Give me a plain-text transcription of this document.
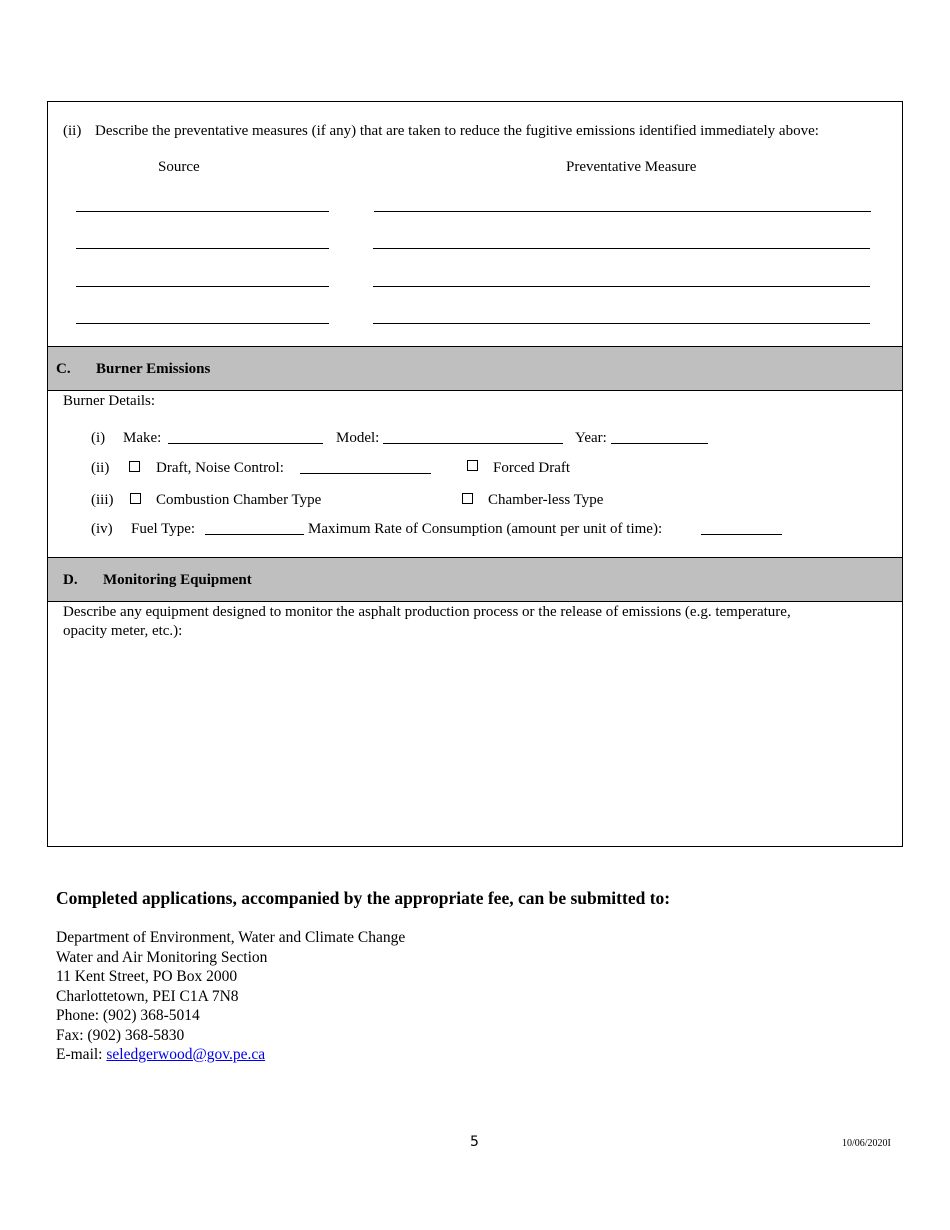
(ii) Describe the preventative measures (if any) that are taken to reduce the fugitive emissions identified immediately above:
Source	Preventative Measure
C. Burner Emissions
Burner Details:
(i) Make:	Model:	Year:
(ii)	Draft, Noise Control:	Forced Draft
(iii)	Combustion Chamber Type	Chamber-less Type
(iv) Fuel Type:	Maximum Rate of Consumption (amount per unit of time):
D. Monitoring Equipment
Describe any equipment designed to monitor the asphalt production process or the release of emissions (e.g. temperature,
opacity meter, etc.):
Completed applications, accompanied by the appropriate fee, can be submitted to:
Department of Environment, Water and Climate Change
Water and Air Monitoring Section
11 Kent Street, PO Box 2000
Charlottetown, PEI C1A 7N8
Phone: (902) 368-5014
Fax: (902) 368-5830
E-mail: seledgerwood@gov.pe.ca
5	10/06/2020I
